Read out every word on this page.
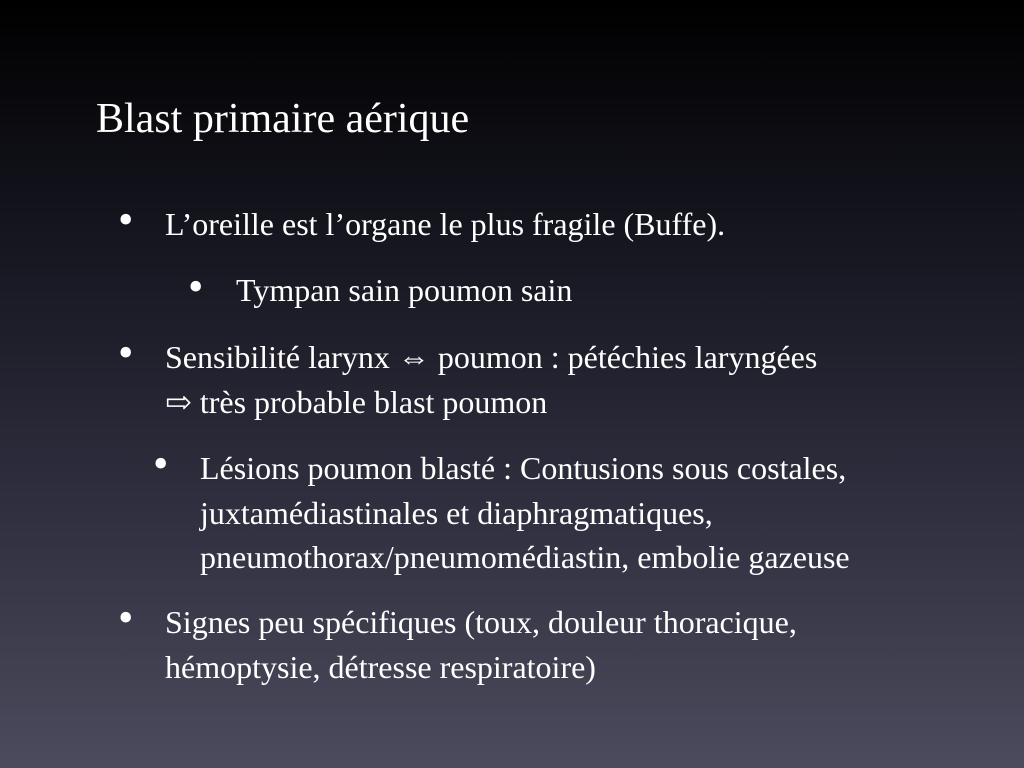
Blast primaire aérique
• L’oreille est l’organe le plus fragile (Buffe).
• Tympan sain poumon sain
• Sensibilité larynx ⇔ poumon : pétéchies laryngées
⇨ très probable blast poumon
• Lésions poumon blasté : Contusions sous costales,
juxtamédiastinales et diaphragmatiques,
pneumothorax/pneumomédiastin, embolie gazeuse
• Signes peu spécifiques (toux, douleur thoracique,
hémoptysie, détresse respiratoire)
